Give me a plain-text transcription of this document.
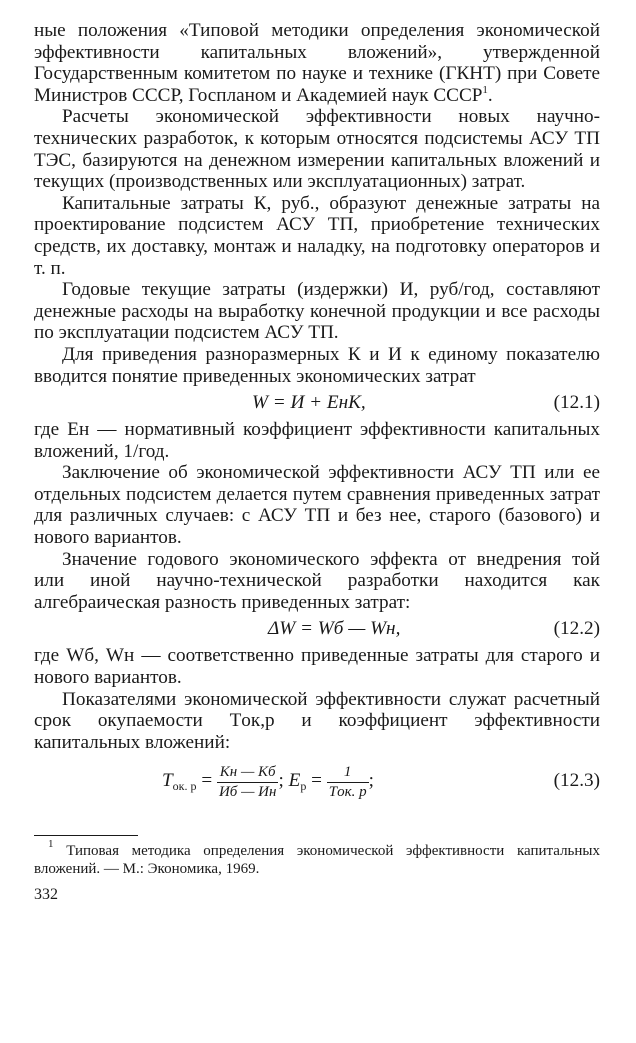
ные положения «Типовой методики определения экономической эффективности капитальных вложений», утвержденной Государственным комитетом по науке и технике (ГКНТ) при Совете Министров СССР, Госпланом и Академией наук СССР$^1$.

Расчеты экономической эффективности новых научно-технических разработок, к которым относятся подсистемы АСУ ТП ТЭС, базируются на денежном измерении капитальных вложений и текущих (производственных или эксплуатационных) затрат.

Капитальные затраты К, руб., образуют денежные затраты на проектирование подсистем АСУ ТП, приобретение технических средств, их доставку, монтаж и наладку, на подготовку операторов и т. п.

Годовые текущие затраты (издержки) И, руб/год, составляют денежные расходы на выработку конечной продукции и все расходы по эксплуатации подсистем АСУ ТП.

Для приведения разноразмерных К и И к единому показателю вводится понятие приведенных экономических затрат

W = И + EнК,	(12.1)

где Eн — нормативный коэффициент эффективности капитальных вложений, 1/год.

Заключение об экономической эффективности АСУ ТП или ее отдельных подсистем делается путем сравнения приведенных затрат для различных случаев: с АСУ ТП и без нее, старого (базового) и нового вариантов.

Значение годового экономического эффекта от внедрения той или иной научно-технической разработки находится как алгебраическая разность приведенных затрат:

ΔW = Wб — Wн,	(12.2)

где Wб, Wн — соответственно приведенные затраты для старого и нового вариантов.

Показателями экономической эффективности служат расчетный срок окупаемости Tок,р и коэффициент эффективности капитальных вложений:

$T_{ок. р} = \frac{Kн — Kб}{Иб — Ин}$ ; $E_р = \frac{1}{\text{Tок. р}}$ ;	(12.3)

$^1$ Типовая методика определения экономической эффективности капитальных вложений. — М.: Экономика, 1969.

332
